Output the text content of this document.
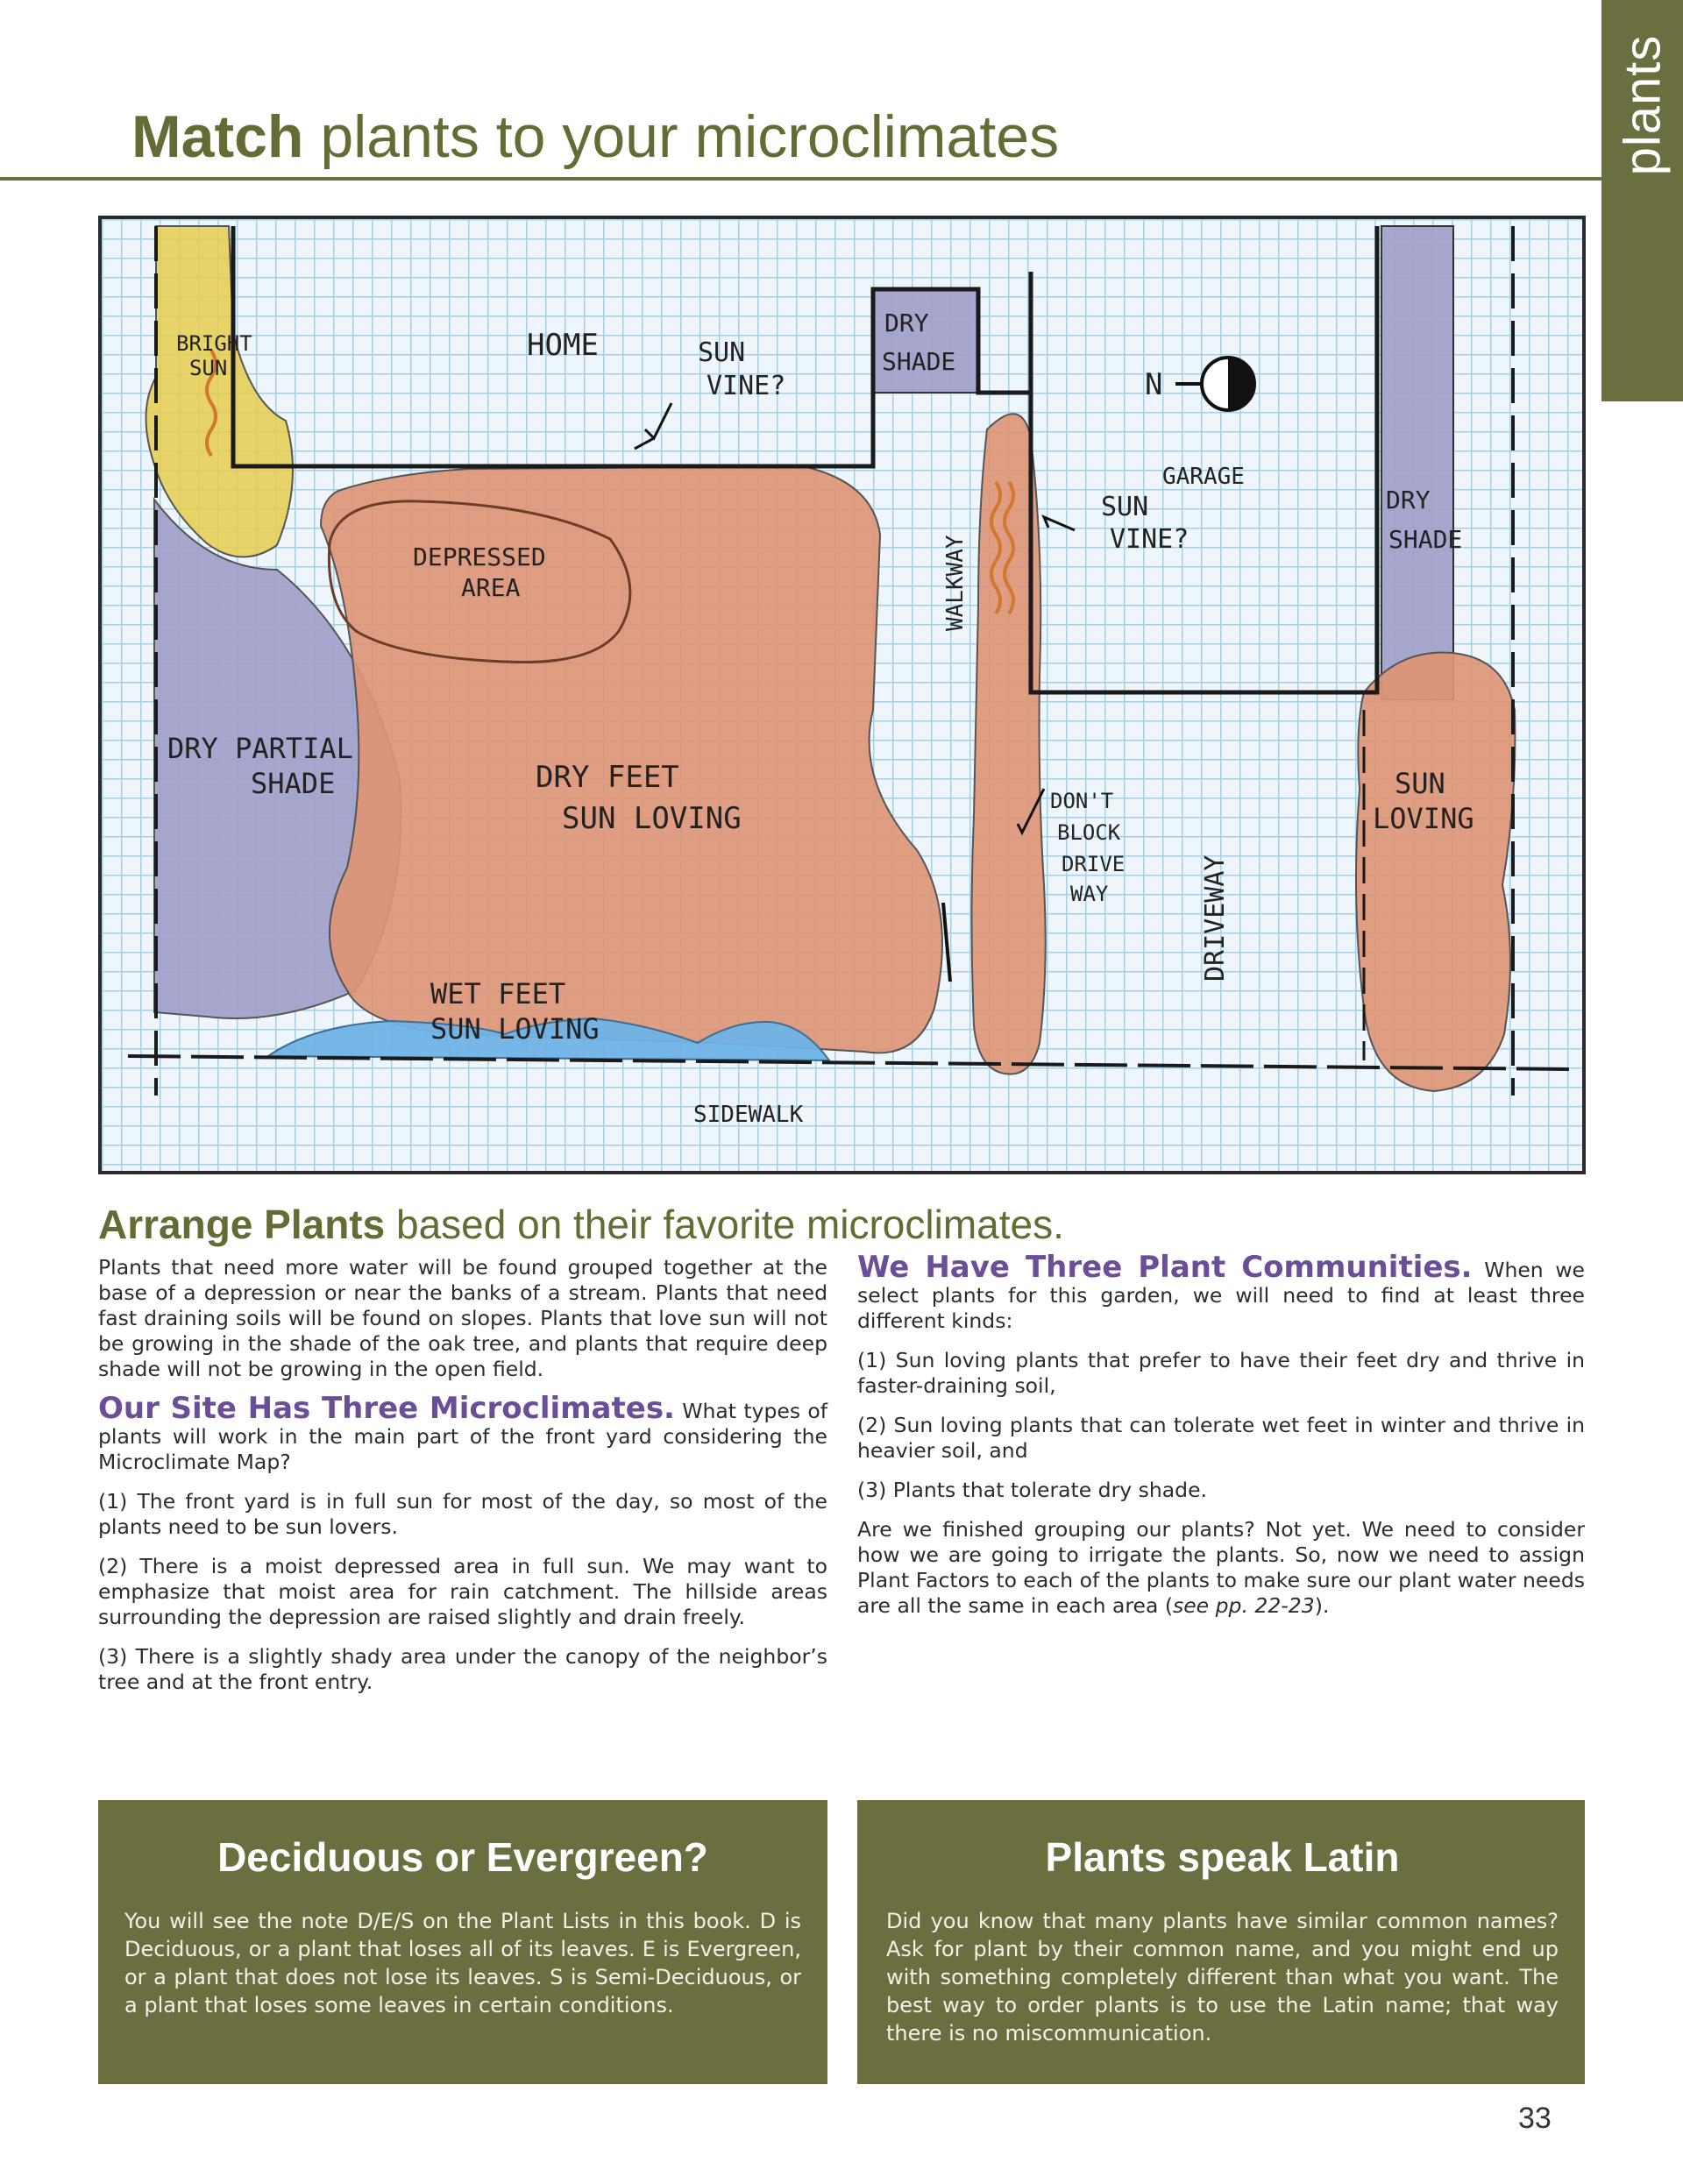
plants
Match plants to your microclimates
BRIGHT
SUN
HOME	SUN
VINE?
DRY
SHADE
N
GARAGE
SUN
VINE?
DRY
SHADE
DEPRESSED
AREA	WALKWAY
DRY PARTIAL
SHADE	DRY FEET
SUN LOVING	DON'T
BLOCK
DRIVE
WAY	DRIVEWAY
SUN
LOVING
WET FEET
SUN LOVING
SIDEWALK
Arrange Plants based on their favorite microclimates.

Plants that need more water will be found grouped together at the base of a depression or near the banks of a stream. Plants that need fast draining soils will be found on slopes. Plants that love sun will not be growing in the shade of the oak tree, and plants that require deep shade will not be growing in the open field.

Our Site Has Three Microclimates. What types of plants will work in the main part of the front yard considering the Microclimate Map?

(1) The front yard is in full sun for most of the day, so most of the plants need to be sun lovers.

(2) There is a moist depressed area in full sun. We may want to emphasize that moist area for rain catchment. The hillside areas surrounding the depression are raised slightly and drain freely.

(3) There is a slightly shady area under the canopy of the neighbor’s tree and at the front entry.

We Have Three Plant Communities. When we select plants for this garden, we will need to find at least three different kinds:

(1) Sun loving plants that prefer to have their feet dry and thrive in faster-draining soil,

(2) Sun loving plants that can tolerate wet feet in winter and thrive in heavier soil, and

(3) Plants that tolerate dry shade.

Are we finished grouping our plants? Not yet. We need to consider how we are going to irrigate the plants. So, now we need to assign Plant Factors to each of the plants to make sure our plant water needs are all the same in each area (see pp. 22-23).

Deciduous or Evergreen?

You will see the note D/E/S on the Plant Lists in this book. D is Deciduous, or a plant that loses all of its leaves. E is Evergreen, or a plant that does not lose its leaves. S is Semi-Deciduous, or a plant that loses some leaves in certain conditions.

Plants speak Latin

Did you know that many plants have similar common names? Ask for plant by their common name, and you might end up with something completely different than what you want. The best way to order plants is to use the Latin name; that way there is no miscommunication.

33
